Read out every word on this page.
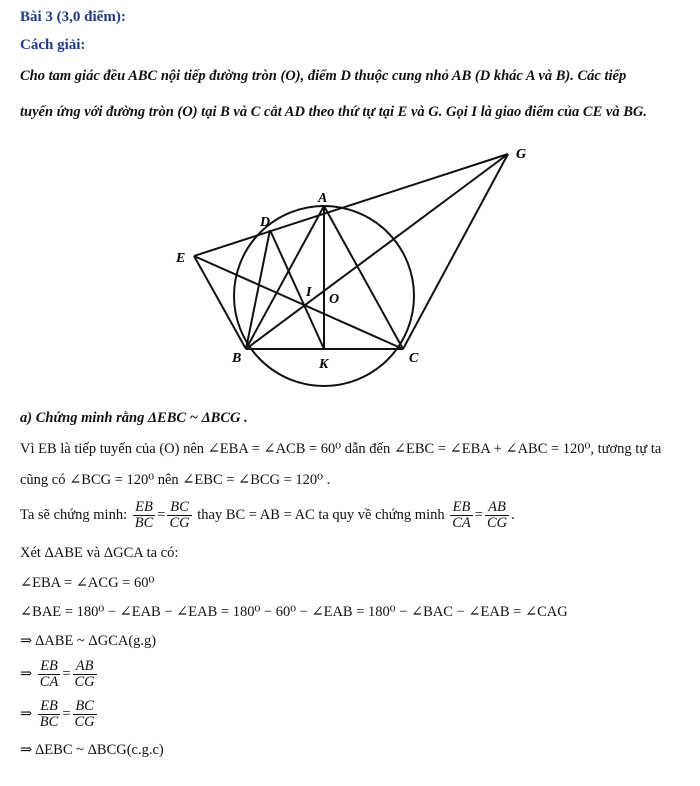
Bài 3 (3,0 điểm):
Cách giải:
Cho tam giác đều ABC nội tiếp đường tròn (O), điểm D thuộc cung nhỏ AB (D khác A và B). Các tiếp
tuyến ứng với đường tròn (O) tại B và C cắt AD theo thứ tự tại E và G. Gọi I là giao điểm của CE và BG.
G
A
D
E
I O
B	K	C
a) Chứng minh rằng ΔEBC ~ ΔBCG .
Vì EB là tiếp tuyến của (O) nên ∠EBA = ∠ACB = 60⁰ dẫn đến ∠EBC = ∠EBA + ∠ABC = 120⁰, tương tự ta
cũng có ∠BCG = 120⁰ nên ∠EBC = ∠BCG = 120⁰ .
Ta sẽ chứng minh: $\frac{EB}{BC} = \frac{BC}{CG}$ thay BC = AB = AC ta quy về chứng minh $\frac{EB}{CA} = \frac{AB}{CG}$ .
Xét ΔABE và ΔGCA ta có:
∠EBA = ∠ACG = 60⁰
∠BAE = 180⁰ − ∠EAB − ∠EAB = 180⁰ − 60⁰ − ∠EAB = 180⁰ − ∠BAC − ∠EAB = ∠CAG
⇒ ΔABE ~ ΔGCA(g.g)
⇒ $\frac{EB}{CA} = \frac{AB}{CG}$
⇒ $\frac{EB}{BC} = \frac{BC}{CG}$
⇒ ΔEBC ~ ΔBCG(c.g.c)
